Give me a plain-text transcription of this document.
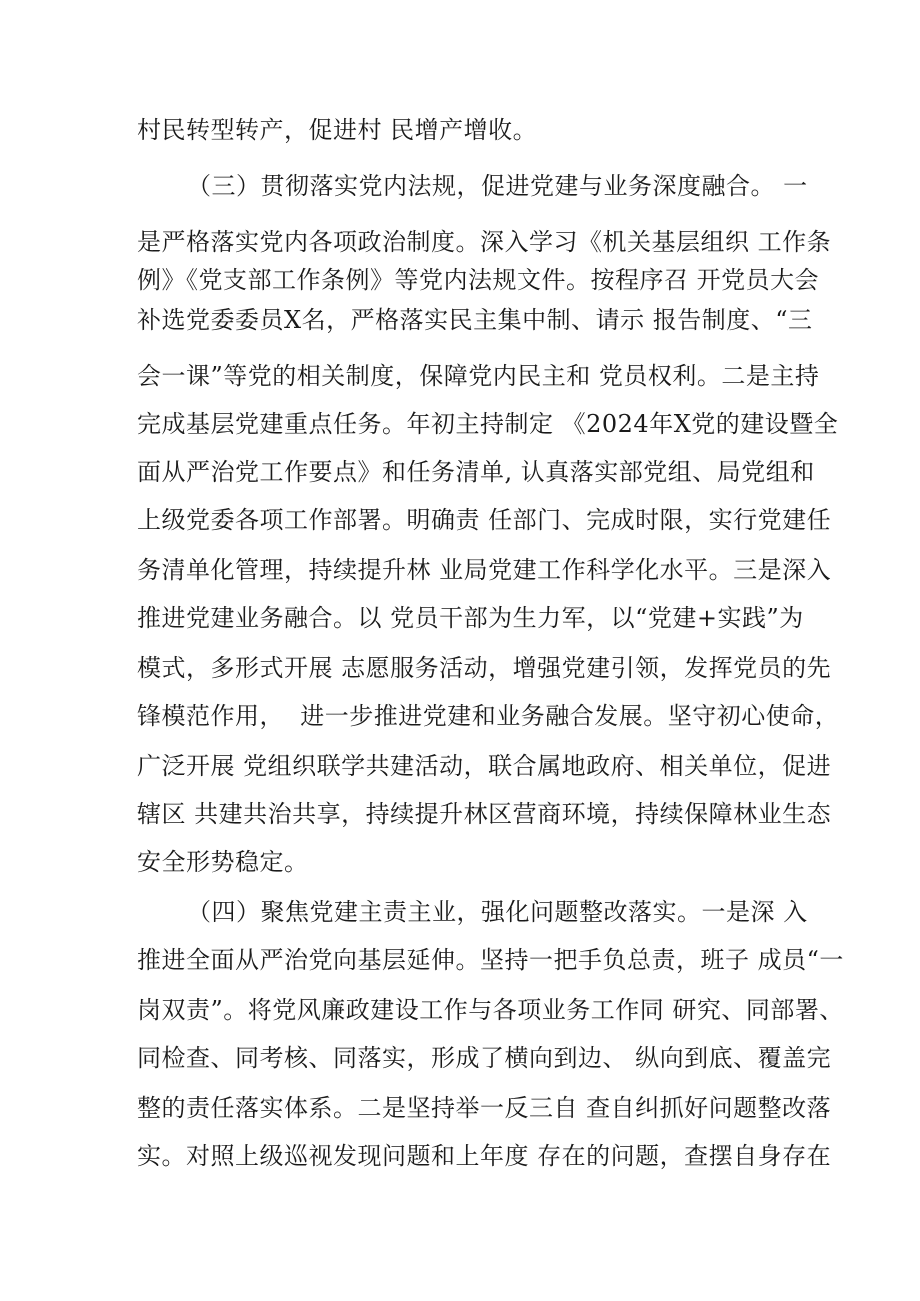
村民转型转产，促进村 民增产增收。
（三）贯彻落实党内法规，促进党建与业务深度融合。 一
是严格落实党内各项政治制度。深入学习《机关基层组织 工作条
例》《党支部工作条例》等党内法规文件。按程序召 开党员大会
补选党委委员X名，严格落实民主集中制、请示 报告制度、“三
会一课”等党的相关制度，保障党内民主和 党员权利。二是主持
完成基层党建重点任务。年初主持制定 《2024年X党的建设暨全
面从严治党工作要点》和任务清单, 认真落实部党组、局党组和
上级党委各项工作部署。明确责 任部门、完成时限，实行党建任
务清单化管理，持续提升林 业局党建工作科学化水平。三是深入
推进党建业务融合。以 党员干部为生力军，以“党建+实践”为
模式，多形式开展 志愿服务活动，增强党建引领，发挥党员的先
锋模范作用，  进一步推进党建和业务融合发展。坚守初心使命，
广泛开展 党组织联学共建活动，联合属地政府、相关单位，促进
辖区 共建共治共享，持续提升林区营商环境，持续保障林业生态
安全形势稳定。
（四）聚焦党建主责主业，强化问题整改落实。一是深 入
推进全面从严治党向基层延伸。坚持一把手负总责，班子 成员“一
岗双责”。将党风廉政建设工作与各项业务工作同 研究、同部署、
同检查、同考核、同落实，形成了横向到边、 纵向到底、覆盖完
整的责任落实体系。二是坚持举一反三自 查自纠抓好问题整改落
实。对照上级巡视发现问题和上年度 存在的问题，查摆自身存在
